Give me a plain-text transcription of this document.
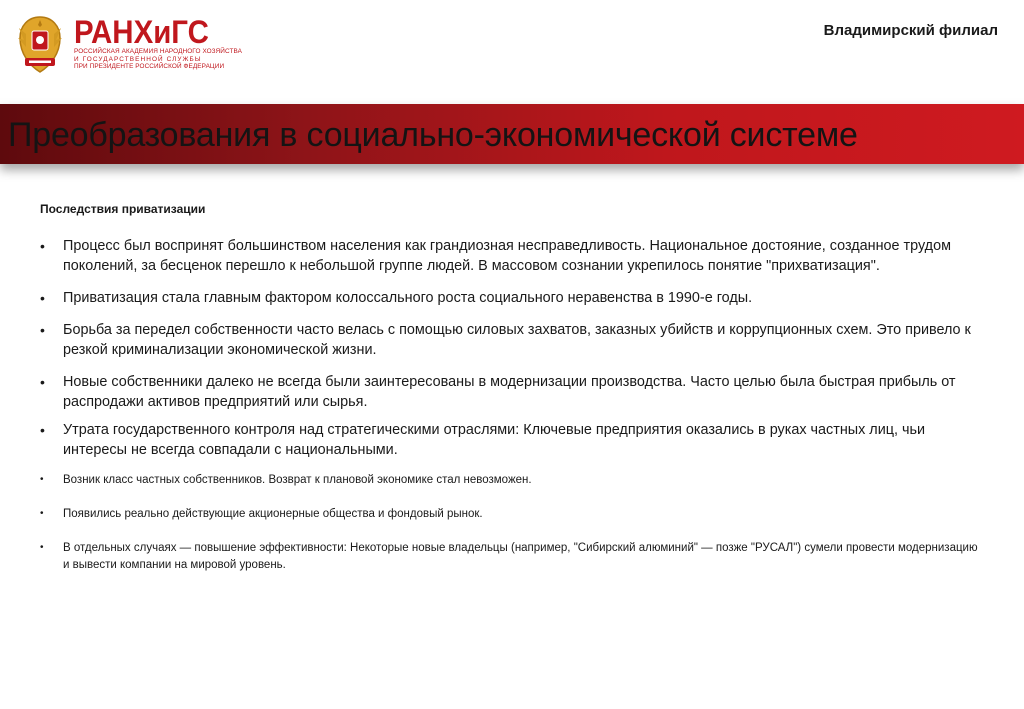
РАНХиГС
РОССИЙСКАЯ АКАДЕМИЯ НАРОДНОГО ХОЗЯЙСТВА
И ГОСУДАРСТВЕННОЙ СЛУЖБЫ
ПРИ ПРЕЗИДЕНТЕ РОССИЙСКОЙ ФЕДЕРАЦИИ
Владимирский филиал
Преобразования в социально-экономической системе
Последствия приватизации
• Процесс был воспринят большинством населения как грандиозная несправедливость. Национальное достояние, созданное трудом поколений, за бесценок перешло к небольшой группе людей. В массовом сознании укрепилось понятие "прихватизация".
• Приватизация стала главным фактором колоссального роста социального неравенства в 1990-е годы.
• Борьба за передел собственности часто велась с помощью силовых захватов, заказных убийств и коррупционных схем. Это привело к резкой криминализации экономической жизни.
• Новые собственники далеко не всегда были заинтересованы в модернизации производства. Часто целью была быстрая прибыль от распродажи активов предприятий или сырья.
• Утрата государственного контроля над стратегическими отраслями: Ключевые предприятия оказались в руках частных лиц, чьи интересы не всегда совпадали с национальными.
• Возник класс частных собственников. Возврат к плановой экономике стал невозможен.
• Появились реально действующие акционерные общества и фондовый рынок.
• В отдельных случаях — повышение эффективности: Некоторые новые владельцы (например, "Сибирский алюминий" — позже "РУСАЛ") сумели провести модернизацию и вывести компании на мировой уровень.
